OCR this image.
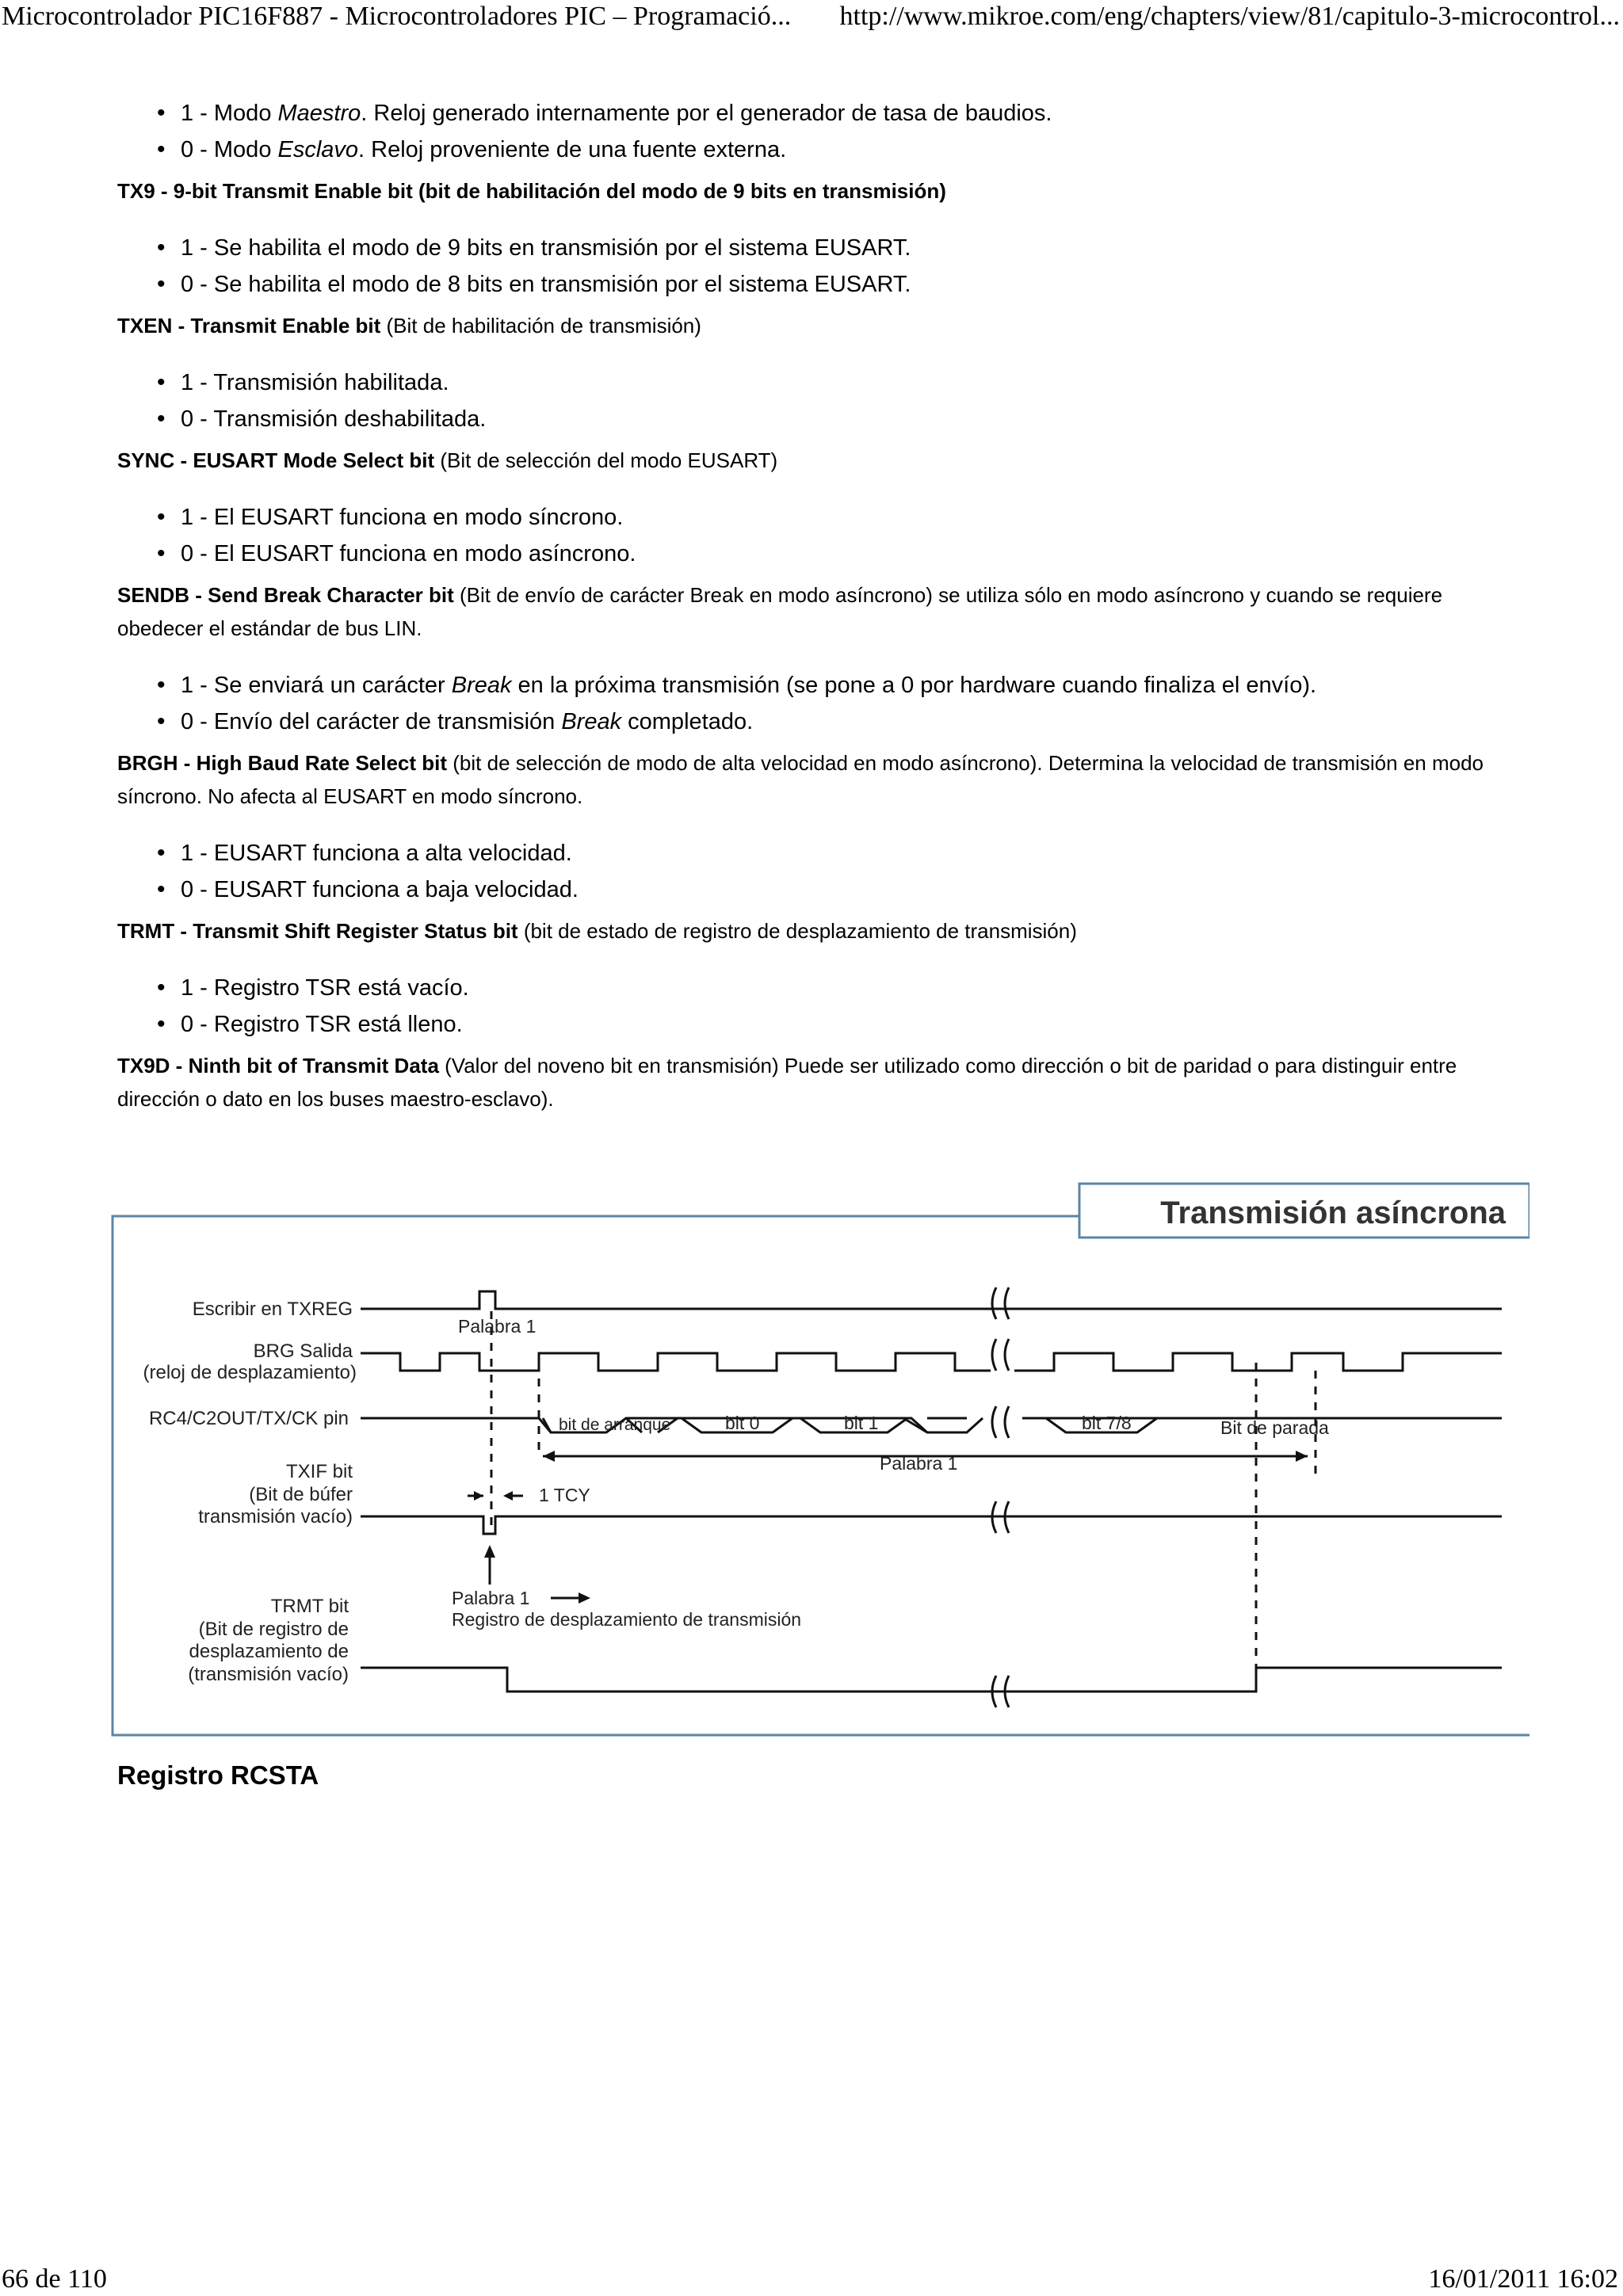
Microcontrolador PIC16F887 - Microcontroladores PIC – Programació... http://www.mikroe.com/eng/chapters/view/81/capitulo-3-microcontrol...
• 1 - Modo Maestro. Reloj generado internamente por el generador de tasa de baudios.
• 0 - Modo Esclavo. Reloj proveniente de una fuente externa.

TX9 - 9-bit Transmit Enable bit (bit de habilitación del modo de 9 bits en transmisión)

• 1 - Se habilita el modo de 9 bits en transmisión por el sistema EUSART.
• 0 - Se habilita el modo de 8 bits en transmisión por el sistema EUSART.

TXEN - Transmit Enable bit (Bit de habilitación de transmisión)

• 1 - Transmisión habilitada.
• 0 - Transmisión deshabilitada.

SYNC - EUSART Mode Select bit (Bit de selección del modo EUSART)

• 1 - El EUSART funciona en modo síncrono.
• 0 - El EUSART funciona en modo asíncrono.

SENDB - Send Break Character bit (Bit de envío de carácter Break en modo asíncrono) se utiliza sólo en modo asíncrono y cuando se requiere obedecer el estándar de bus LIN.

• 1 - Se enviará un carácter Break en la próxima transmisión (se pone a 0 por hardware cuando finaliza el envío).
• 0 - Envío del carácter de transmisión Break completado.

BRGH - High Baud Rate Select bit (bit de selección de modo de alta velocidad en modo asíncrono). Determina la velocidad de transmisión en modo síncrono. No afecta al EUSART en modo síncrono.

• 1 - EUSART funciona a alta velocidad.
• 0 - EUSART funciona a baja velocidad.

TRMT - Transmit Shift Register Status bit (bit de estado de registro de desplazamiento de transmisión)

• 1 - Registro TSR está vacío.
• 0 - Registro TSR está lleno.

TX9D - Ninth bit of Transmit Data (Valor del noveno bit en transmisión) Puede ser utilizado como dirección o bit de paridad o para distinguir entre dirección o dato en los buses maestro-esclavo).

Transmisión asíncrona
Escribir en TXREG
BRG Salida
(reloj de desplazamiento)
RC4/C2OUT/TX/CK pin
TXIF bit
(Bit de búfer
transmisión vacío)
TRMT bit
(Bit de registro de
desplazamiento de
(transmisión vacío)
Palabra 1
bit de arranque	bit 0	bit 1	bit 7/8	Bit de parada
Palabra 1
1 TCY
Palabra 1
Registro de desplazamiento de transmisión
Registro RCSTA
66 de 110	16/01/2011 16:02
